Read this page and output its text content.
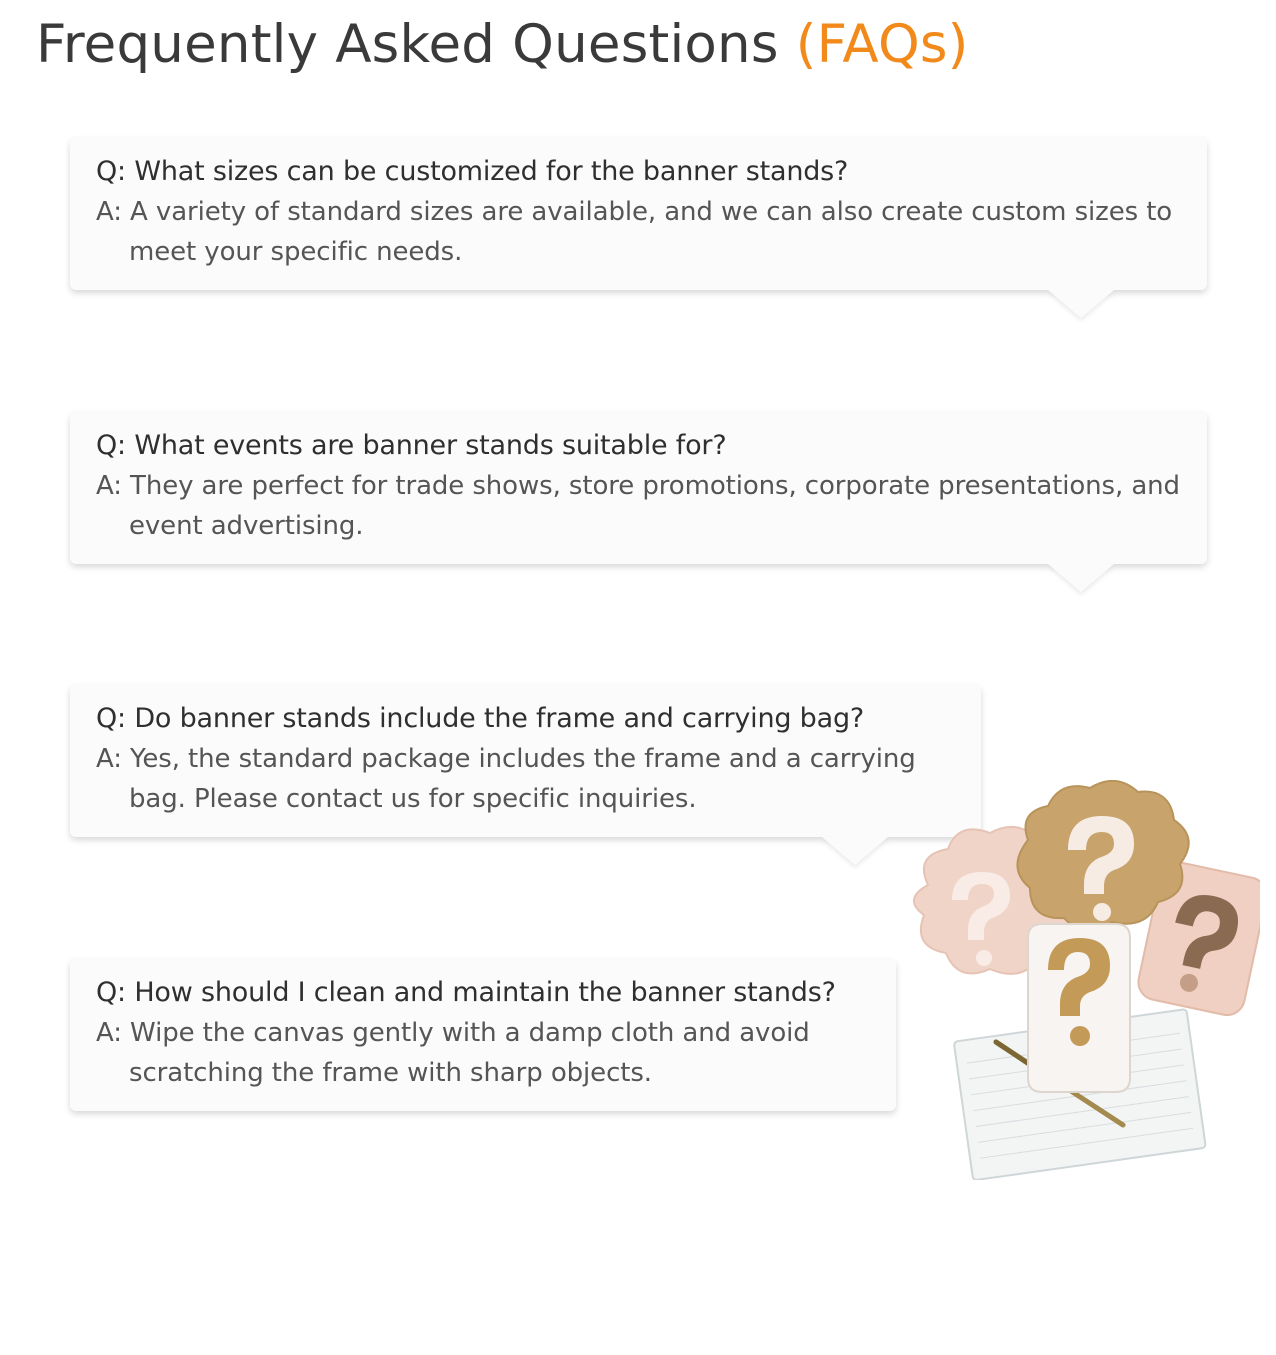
Frequently Asked Questions (FAQs)
Q: What sizes can be customized for the banner stands?
A: A variety of standard sizes are available, and we can also create custom sizes to meet your specific needs.
Q: What events are banner stands suitable for?
A: They are perfect for trade shows, store promotions, corporate presentations, and event advertising.
Q: Do banner stands include the frame and carrying bag?
A: Yes, the standard package includes the frame and a carrying bag. Please contact us for specific inquiries.
Q: How should I clean and maintain the banner stands?
A: Wipe the canvas gently with a damp cloth and avoid scratching the frame with sharp objects.
